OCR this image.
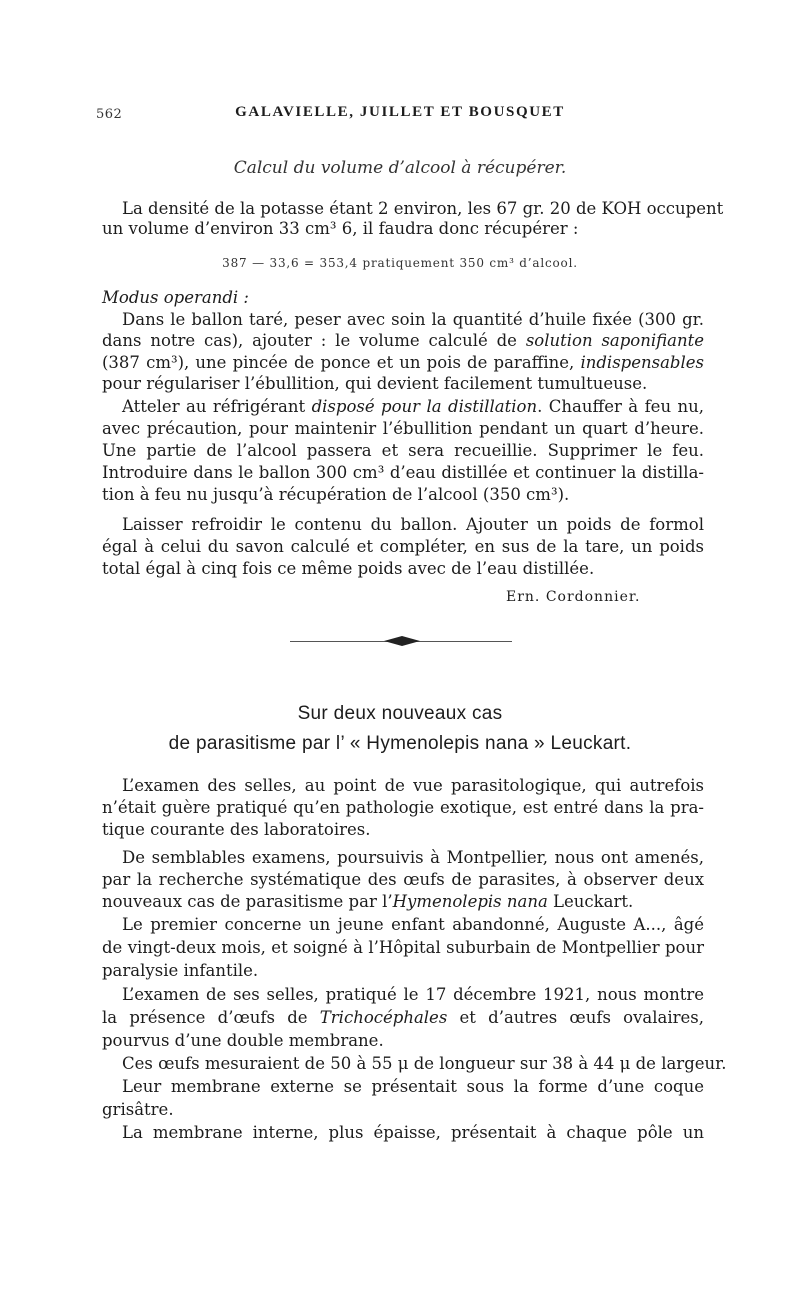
562	GALAVIELLE, JUILLET ET BOUSQUET
Calcul du volume d’alcool à récupérer.
La densité de la potasse étant 2 environ, les 67 gr. 20 de KOH occupent
un volume d’environ 33 cm³ 6, il faudra donc récupérer :
387 — 33,6 = 353,4 pratiquement 350 cm³ d’alcool.
Modus operandi :
Dans le ballon taré, peser avec soin la quantité d’huile fixée (300 gr.
dans notre cas), ajouter : le volume calculé de solution saponifiante
(387 cm³), une pincée de ponce et un pois de paraffine, indispensables
pour régulariser l’ébullition, qui devient facilement tumultueuse.
Atteler au réfrigérant disposé pour la distillation. Chauffer à feu nu,
avec précaution, pour maintenir l’ébullition pendant un quart d’heure.
Une partie de l’alcool passera et sera recueillie. Supprimer le feu.
Introduire dans le ballon 300 cm³ d’eau distillée et continuer la distilla-
tion à feu nu jusqu’à récupération de l’alcool (350 cm³).
Laisser refroidir le contenu du ballon. Ajouter un poids de formol
égal à celui du savon calculé et compléter, en sus de la tare, un poids
total égal à cinq fois ce même poids avec de l’eau distillée.
Ern. Cordonnier.
Sur deux nouveaux cas
de parasitisme par l’ « Hymenolepis nana » Leuckart.
L’examen des selles, au point de vue parasitologique, qui autrefois
n’était guère pratiqué qu’en pathologie exotique, est entré dans la pra-
tique courante des laboratoires.
De semblables examens, poursuivis à Montpellier, nous ont amenés,
par la recherche systématique des œufs de parasites, à observer deux
nouveaux cas de parasitisme par l’Hymenolepis nana Leuckart.
Le premier concerne un jeune enfant abandonné, Auguste A..., âgé
de vingt-deux mois, et soigné à l’Hôpital suburbain de Montpellier pour
paralysie infantile.
L’examen de ses selles, pratiqué le 17 décembre 1921, nous montre
la présence d’œufs de Trichocéphales et d’autres œufs ovalaires,
pourvus d’une double membrane.
Ces œufs mesuraient de 50 à 55 μ de longueur sur 38 à 44 μ de largeur.
Leur membrane externe se présentait sous la forme d’une coque
grisâtre.
La membrane interne, plus épaisse, présentait à chaque pôle un
